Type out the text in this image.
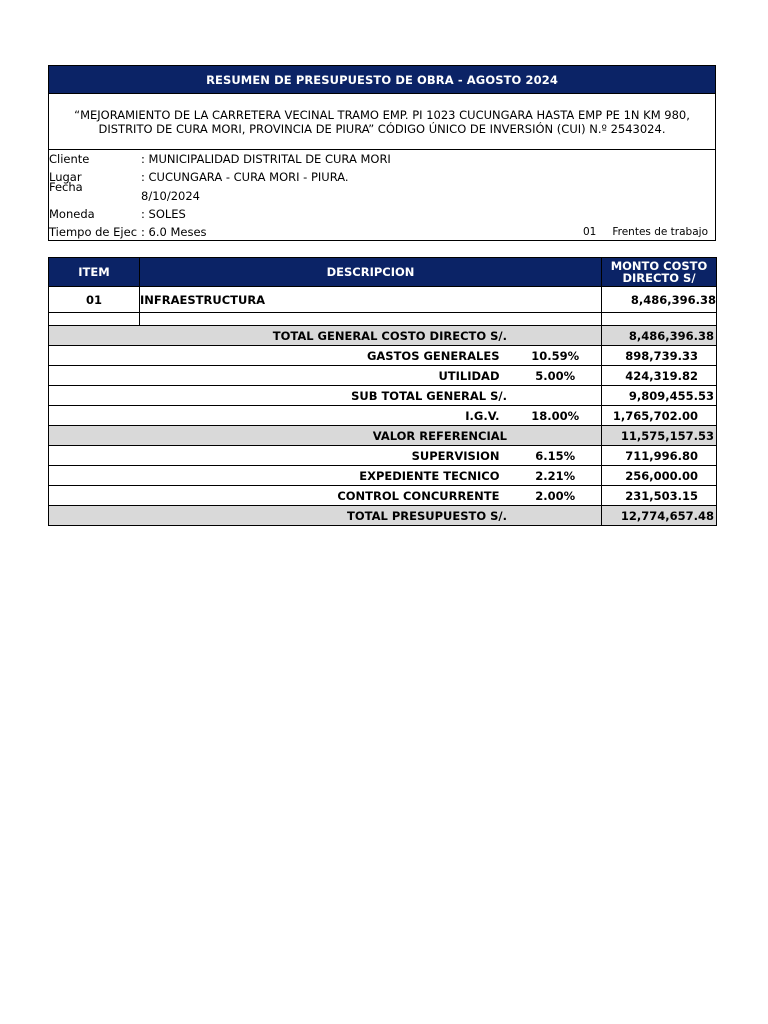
RESUMEN DE PRESUPUESTO DE OBRA - AGOSTO 2024
“MEJORAMIENTO DE LA CARRETERA VECINAL TRAMO EMP. PI 1023 CUCUNGARA HASTA EMP PE 1N KM 980,
DISTRITO DE CURA MORI, PROVINCIA DE PIURA” CÓDIGO ÚNICO DE INVERSIÓN (CUI) N.º 2543024.
Cliente	: MUNICIPALIDAD DISTRITAL DE CURA MORI
Lugar	: CUCUNGARA - CURA MORI - PIURA.
Fecha
8/10/2024
Moneda	: SOLES
Tiempo de Ejec : 6.0 Meses	01 Frentes de trabajo
ITEM	DESCRIPCION		MONTO COSTO
DIRECTO S/

01	INFRAESTRUCTURA		8,486,396.38

TOTAL GENERAL COSTO DIRECTO S/.			8,486,396.38
GASTOS GENERALES		10.59%	898,739.33
UTILIDAD		5.00%	424,319.82
SUB TOTAL GENERAL S/.			9,809,455.53
I.G.V.		18.00%	1,765,702.00
VALOR REFERENCIAL			11,575,157.53
SUPERVISION		6.15%	711,996.80
EXPEDIENTE TECNICO		2.21%	256,000.00
CONTROL CONCURRENTE		2.00%	231,503.15
TOTAL PRESUPUESTO S/.			12,774,657.48
